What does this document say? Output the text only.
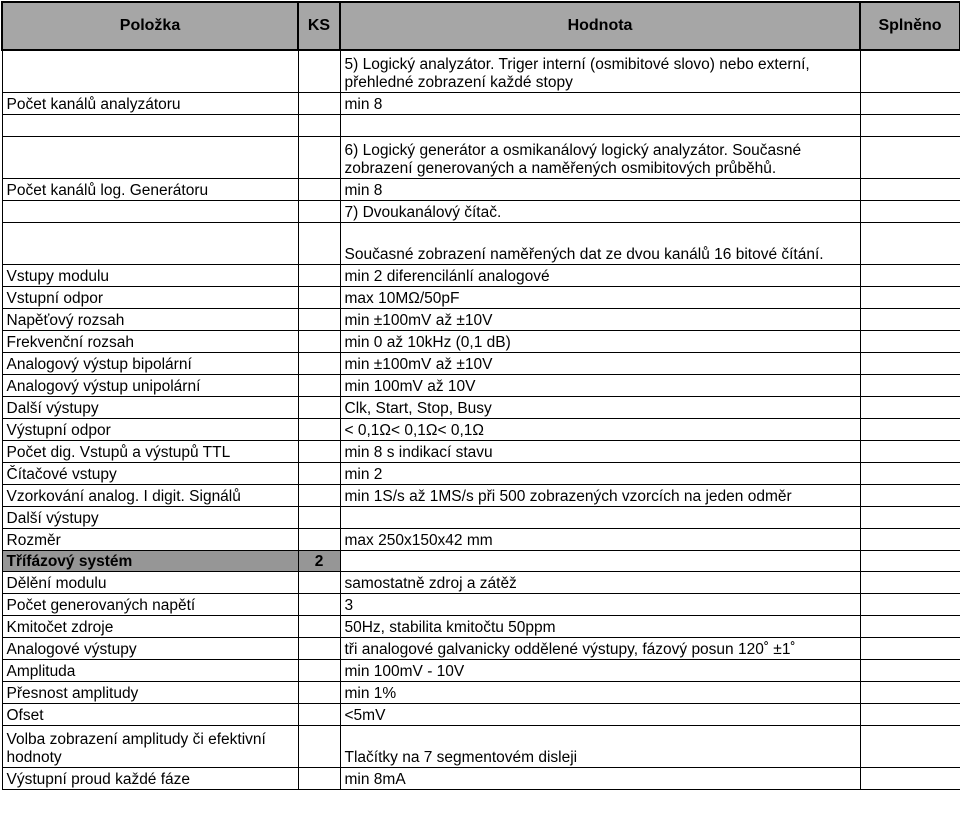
Položka	KS	Hodnota	Splněno
		5) Logický analyzátor. Triger interní (osmibitové slovo) nebo externí, přehledné zobrazení každé stopy	
Počet kanálů analyzátoru		min 8	

		6) Logický generátor a osmikanálový logický analyzátor. Současné zobrazení generovaných a naměřených osmibitových průběhů.	
Počet kanálů log. Generátoru		min 8	
		7) Dvoukanálový čítač.	
		Současné zobrazení naměřených dat ze dvou kanálů 16 bitové čítání.	
Vstupy modulu		min 2 diferencilánlí analogové	
Vstupní odpor		max 10MΩ/50pF	
Napěťový rozsah		min ±100mV až ±10V	
Frekvenční rozsah		min 0 až 10kHz (0,1 dB)	
Analogový výstup bipolární		min ±100mV až ±10V	
Analogový výstup unipolární		min 100mV až 10V	
Další výstupy		Clk, Start, Stop, Busy	
Výstupní odpor		< 0,1Ω< 0,1Ω< 0,1Ω	
Počet dig. Vstupů a výstupů TTL		min 8 s indikací stavu	
Čítačové vstupy		min 2	
Vzorkování analog. I digit. Signálů		min 1S/s až 1MS/s při 500 zobrazených vzorcích na jeden odměr	
Další výstupy			
Rozměr		max 250x150x42 mm	
Třífázový systém	2		
Dělění modulu		samostatně zdroj a zátěž	
Počet generovaných napětí		3	
Kmitočet zdroje		50Hz, stabilita kmitočtu 50ppm	
Analogové výstupy		tři analogové galvanicky oddělené výstupy, fázový posun 120˚ ±1˚	
Amplituda		min 100mV - 10V	
Přesnost amplitudy		min 1%	
Ofset		<5mV	
Volba zobrazení amplitudy či efektivní hodnoty		Tlačítky na 7 segmentovém disleji	
Výstupní proud každé fáze		min 8mA	
